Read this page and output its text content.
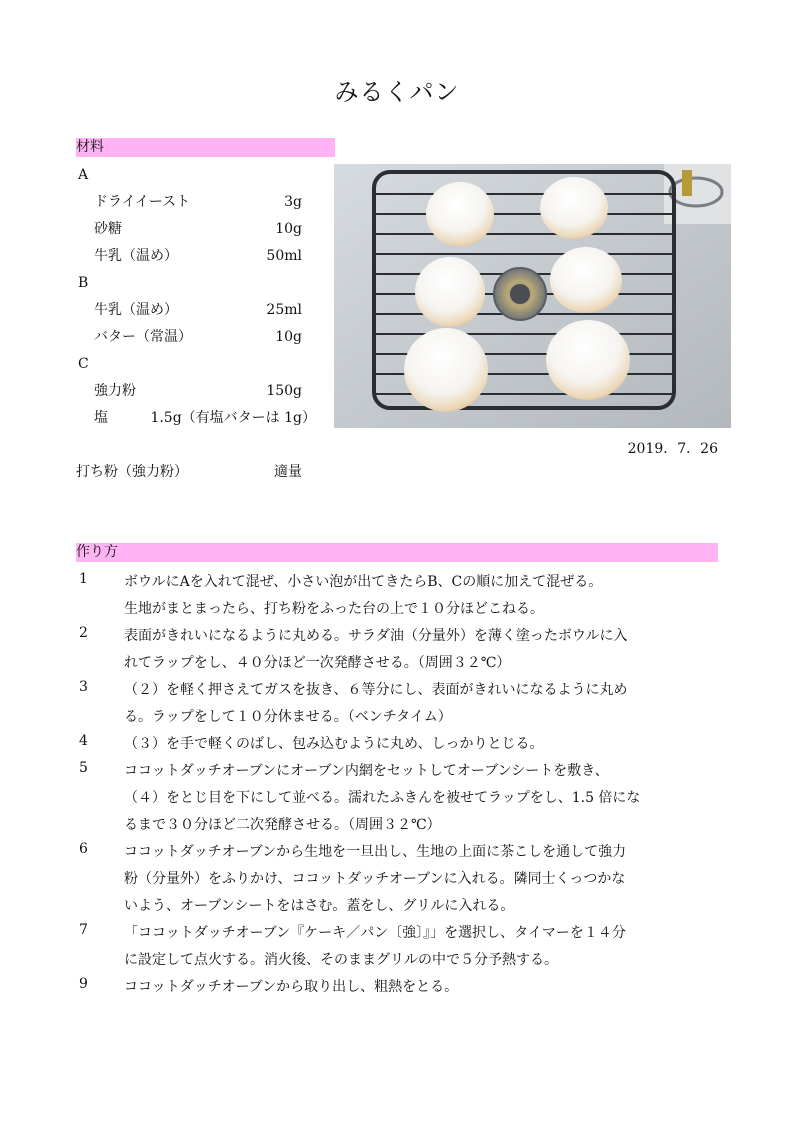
みるくパン
材料
A
ドライイースト	3g
砂糖	10g
牛乳（温め）	50ml
B
牛乳（温め）	25ml
バター（常温）	10g
C
強力粉	150g
塩	1.5g（有塩バターは 1g）
打ち粉（強力粉）	適量
2019．7．26
作り方
1	ボウルにAを入れて混ぜ、小さい泡が出てきたらB、Cの順に加えて混ぜる。
生地がまとまったら、打ち粉をふった台の上で１０分ほどこねる。
2	表面がきれいになるように丸める。サラダ油（分量外）を薄く塗ったボウルに入
れてラップをし、４０分ほど一次発酵させる。（周囲３２℃）
3	（２）を軽く押さえてガスを抜き、６等分にし、表面がきれいになるように丸め
る。ラップをして１０分休ませる。（ベンチタイム）
4	（３）を手で軽くのばし、包み込むように丸め、しっかりとじる。
5	ココットダッチオーブンにオーブン内網をセットしてオーブンシートを敷き、
（４）をとじ目を下にして並べる。濡れたふきんを被せてラップをし、1.5 倍にな
るまで３０分ほど二次発酵させる。（周囲３２℃）
6	ココットダッチオーブンから生地を一旦出し、生地の上面に茶こしを通して強力
粉（分量外）をふりかけ、ココットダッチオーブンに入れる。隣同士くっつかな
いよう、オーブンシートをはさむ。蓋をし、グリルに入れる。
7	「ココットダッチオーブン『ケーキ／パン〔強〕』」を選択し、タイマーを１４分
に設定して点火する。消火後、そのままグリルの中で５分予熱する。
9	ココットダッチオーブンから取り出し、粗熱をとる。
